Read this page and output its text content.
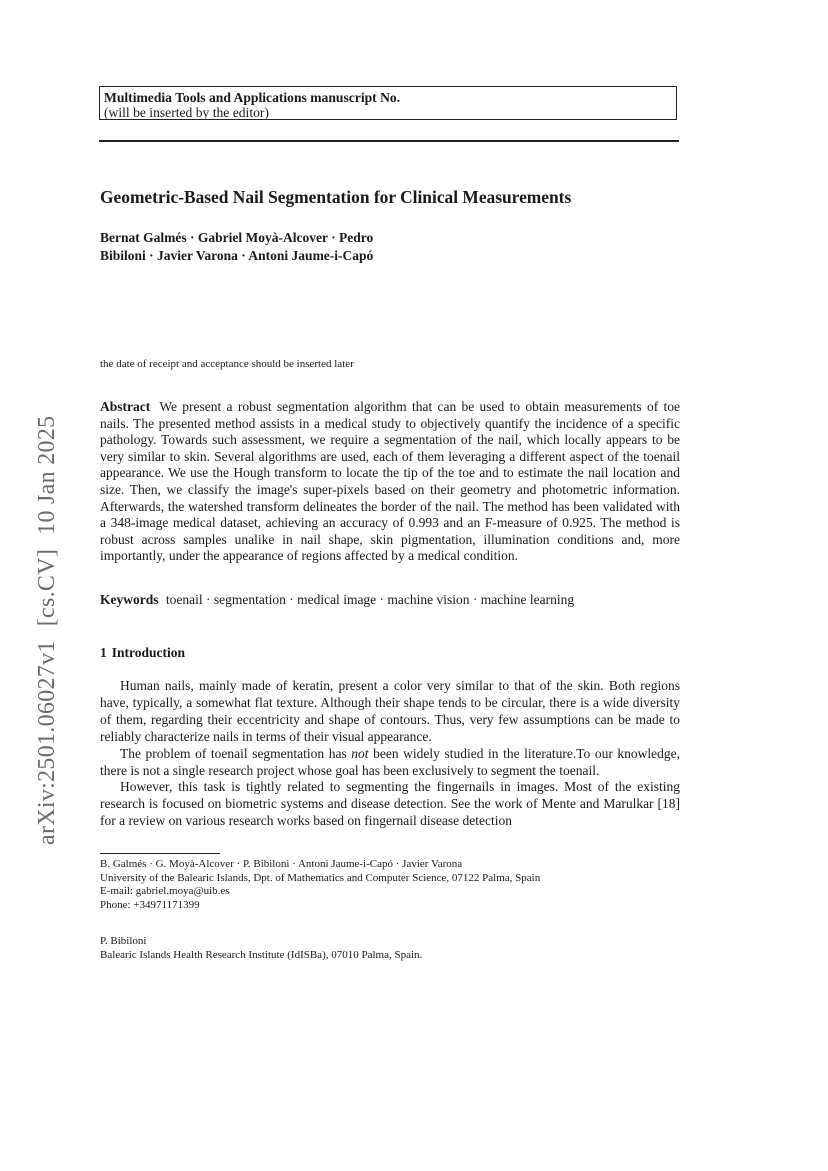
Multimedia Tools and Applications manuscript No.
(will be inserted by the editor)
Geometric-Based Nail Segmentation for Clinical Measurements
Bernat Galmés · Gabriel Moyà-Alcover · Pedro
Bibiloni · Javier Varona · Antoni Jaume-i-Capó
the date of receipt and acceptance should be inserted later

Abstract We present a robust segmentation algorithm that can be used to obtain measurements of toe nails. The presented method assists in a medical study to objectively quantify the incidence of a specific pathology. Towards such assessment, we require a segmentation of the nail, which locally appears to be very similar to skin. Several algorithms are used, each of them leveraging a different aspect of the toenail appearance. We use the Hough transform to locate the tip of the toe and to estimate the nail location and size. Then, we classify the image's super-pixels based on their geometry and photometric information. Afterwards, the watershed transform delineates the border of the nail. The method has been validated with a 348-image medical dataset, achieving an accuracy of 0.993 and an F-measure of 0.925. The method is robust across samples unalike in nail shape, skin pigmentation, illumination conditions and, more importantly, under the appearance of regions affected by a medical condition.

Keywords toenail · segmentation · medical image · machine vision · machine learning
1 Introduction

Human nails, mainly made of keratin, present a color very similar to that of the skin. Both regions have, typically, a somewhat flat texture. Although their shape tends to be circular, there is a wide diversity of them, regarding their eccentricity and shape of contours. Thus, very few assumptions can be made to reliably characterize nails in terms of their visual appearance.

The problem of toenail segmentation has not been widely studied in the literature.To our knowledge, there is not a single research project whose goal has been exclusively to segment the toenail.

However, this task is tightly related to segmenting the fingernails in images. Most of the existing research is focused on biometric systems and disease detection. See the work of Mente and Marulkar [18] for a review on various research works based on fingernail disease detection

B. Galmés · G. Moyà-Alcover · P. Bibiloni · Antoni Jaume-i-Capó · Javier Varona
University of the Balearic Islands, Dpt. of Mathematics and Computer Science, 07122 Palma, Spain
E-mail: gabriel.moya@uib.es
Phone: +34971171399
P. Bibiloni
Balearic Islands Health Research Institute (IdISBa), 07010 Palma, Spain.
arXiv:2501.06027v1[cs.CV]10 Jan 2025
